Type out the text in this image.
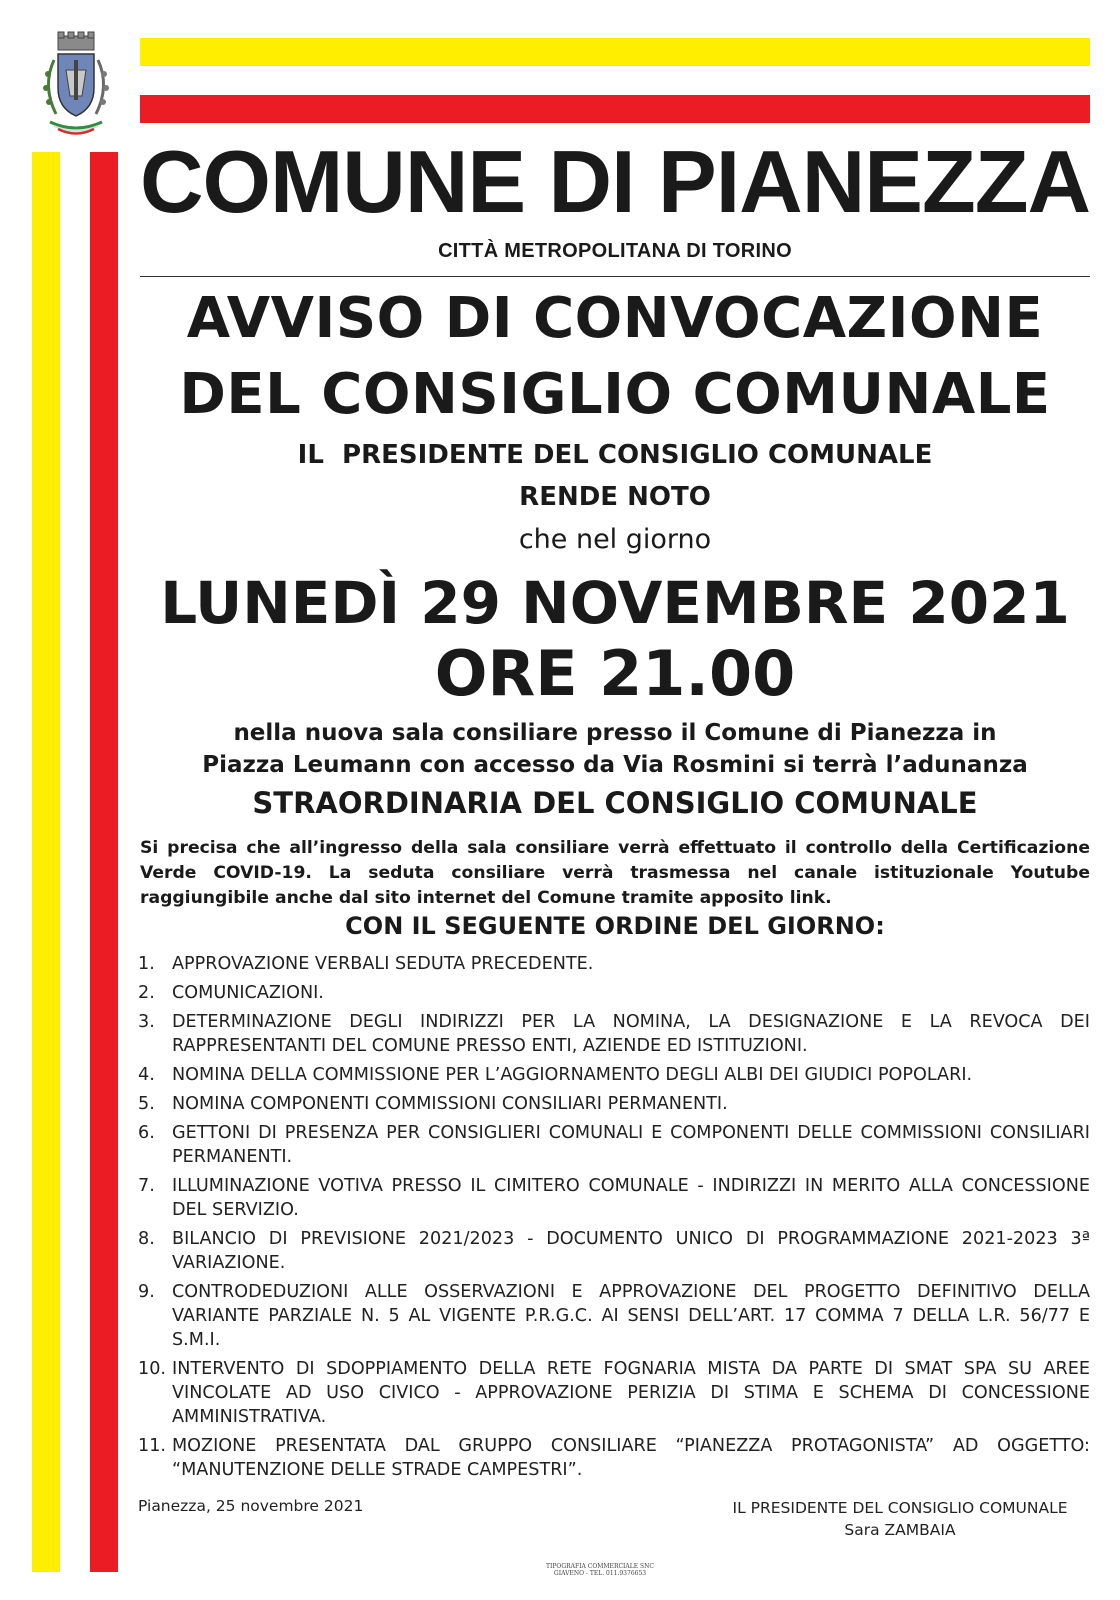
COMUNE DI PIANEZZA
CITTÀ METROPOLITANA DI TORINO
AVVISO DI CONVOCAZIONE
DEL CONSIGLIO COMUNALE
IL  PRESIDENTE DEL CONSIGLIO COMUNALE
RENDE NOTO
che nel giorno
LUNEDÌ 29 NOVEMBRE 2021
ORE 21.00
nella nuova sala consiliare presso il Comune di Pianezza in
Piazza Leumann con accesso da Via Rosmini si terrà l’adunanza
STRAORDINARIA DEL CONSIGLIO COMUNALE
Si precisa che all’ingresso della sala consiliare verrà effettuato il controllo della Certificazione Verde COVID-19. La seduta consiliare verrà trasmessa nel canale istituzionale Youtube raggiungibile anche dal sito internet del Comune tramite apposito link.
CON IL SEGUENTE ORDINE DEL GIORNO:
1. APPROVAZIONE VERBALI SEDUTA PRECEDENTE.
2. COMUNICAZIONI.
3. DETERMINAZIONE DEGLI INDIRIZZI PER LA NOMINA, LA DESIGNAZIONE E LA REVOCA DEI RAPPRESENTANTI DEL COMUNE PRESSO ENTI, AZIENDE ED ISTITUZIONI.
4. NOMINA DELLA COMMISSIONE PER L’AGGIORNAMENTO DEGLI ALBI DEI GIUDICI POPOLARI.
5. NOMINA COMPONENTI COMMISSIONI CONSILIARI PERMANENTI.
6. GETTONI DI PRESENZA PER CONSIGLIERI COMUNALI E COMPONENTI DELLE COMMISSIONI CONSILIARI PERMANENTI.
7. ILLUMINAZIONE VOTIVA PRESSO IL CIMITERO COMUNALE - INDIRIZZI IN MERITO ALLA CONCESSIONE DEL SERVIZIO.
8. BILANCIO DI PREVISIONE 2021/2023 - DOCUMENTO UNICO DI PROGRAMMAZIONE 2021-2023 3ª VARIAZIONE.
9. CONTRODEDUZIONI ALLE OSSERVAZIONI E APPROVAZIONE DEL PROGETTO DEFINITIVO DELLA VARIANTE PARZIALE N. 5 AL VIGENTE P.R.G.C. AI SENSI DELL’ART. 17 COMMA 7 DELLA L.R. 56/77 E S.M.I.
10. INTERVENTO DI SDOPPIAMENTO DELLA RETE FOGNARIA MISTA DA PARTE DI SMAT SPA SU AREE VINCOLATE AD USO CIVICO - APPROVAZIONE PERIZIA DI STIMA E SCHEMA DI CONCESSIONE AMMINISTRATIVA.
11. MOZIONE PRESENTATA DAL GRUPPO CONSILIARE “PIANEZZA PROTAGONISTA” AD OGGETTO: “MANUTENZIONE DELLE STRADE CAMPESTRI”.
Pianezza, 25 novembre 2021	IL PRESIDENTE DEL CONSIGLIO COMUNALE
Sara ZAMBAIA
TIPOGRAFIA COMMERCIALE SNC
GIAVENO - TEL. 011.9376653
